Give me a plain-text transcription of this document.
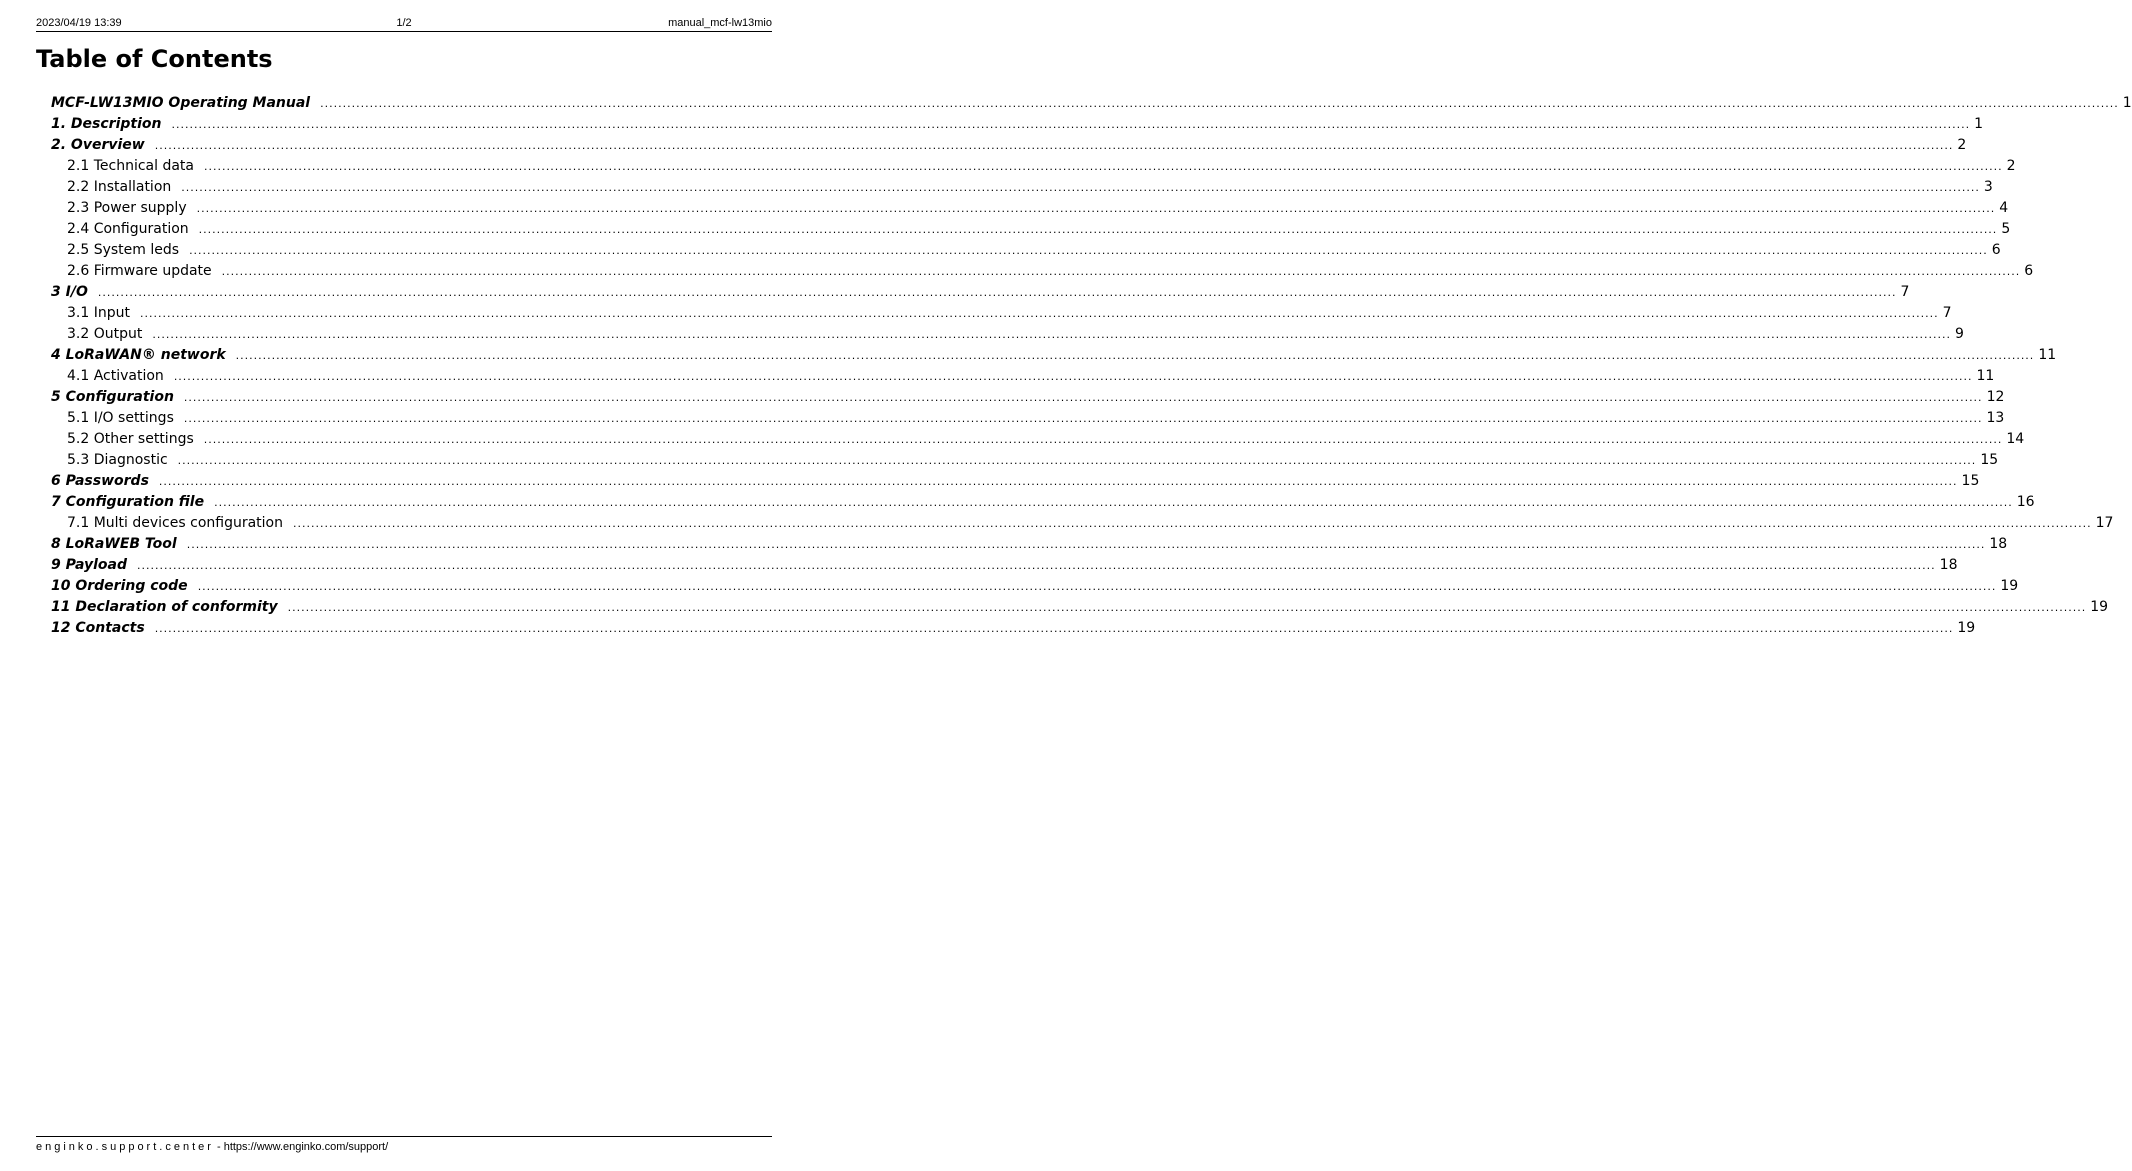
2023/04/19 13:39	1/2	manual_mcf-lw13mio
Table of Contents
MCF-LW13MIO Operating Manual ................................................................................................................................................................................................................................................................................................................................................................................................................ 1
1. Description ................................................................................................................................................................................................................................................................................................................................................................................................................ 1
2. Overview ................................................................................................................................................................................................................................................................................................................................................................................................................ 2
2.1 Technical data ................................................................................................................................................................................................................................................................................................................................................................................................................ 2
2.2 Installation ................................................................................................................................................................................................................................................................................................................................................................................................................ 3
2.3 Power supply ................................................................................................................................................................................................................................................................................................................................................................................................................ 4
2.4 Configuration ................................................................................................................................................................................................................................................................................................................................................................................................................ 5
2.5 System leds ................................................................................................................................................................................................................................................................................................................................................................................................................ 6
2.6 Firmware update ................................................................................................................................................................................................................................................................................................................................................................................................................ 6
3 I/O ................................................................................................................................................................................................................................................................................................................................................................................................................ 7
3.1 Input ................................................................................................................................................................................................................................................................................................................................................................................................................ 7
3.2 Output ................................................................................................................................................................................................................................................................................................................................................................................................................ 9
4 LoRaWAN® network ................................................................................................................................................................................................................................................................................................................................................................................................................ 11
4.1 Activation ................................................................................................................................................................................................................................................................................................................................................................................................................ 11
5 Configuration ................................................................................................................................................................................................................................................................................................................................................................................................................ 12
5.1 I/O settings ................................................................................................................................................................................................................................................................................................................................................................................................................ 13
5.2 Other settings ................................................................................................................................................................................................................................................................................................................................................................................................................ 14
5.3 Diagnostic ................................................................................................................................................................................................................................................................................................................................................................................................................ 15
6 Passwords ................................................................................................................................................................................................................................................................................................................................................................................................................ 15
7 Configuration file ................................................................................................................................................................................................................................................................................................................................................................................................................ 16
7.1 Multi devices configuration ................................................................................................................................................................................................................................................................................................................................................................................................................ 17
8 LoRaWEB Tool ................................................................................................................................................................................................................................................................................................................................................................................................................ 18
9 Payload ................................................................................................................................................................................................................................................................................................................................................................................................................ 18
10 Ordering code ................................................................................................................................................................................................................................................................................................................................................................................................................ 19
11 Declaration of conformity ................................................................................................................................................................................................................................................................................................................................................................................................................ 19
12 Contacts ................................................................................................................................................................................................................................................................................................................................................................................................................ 19
enginko.support.center - https://www.enginko.com/support/
